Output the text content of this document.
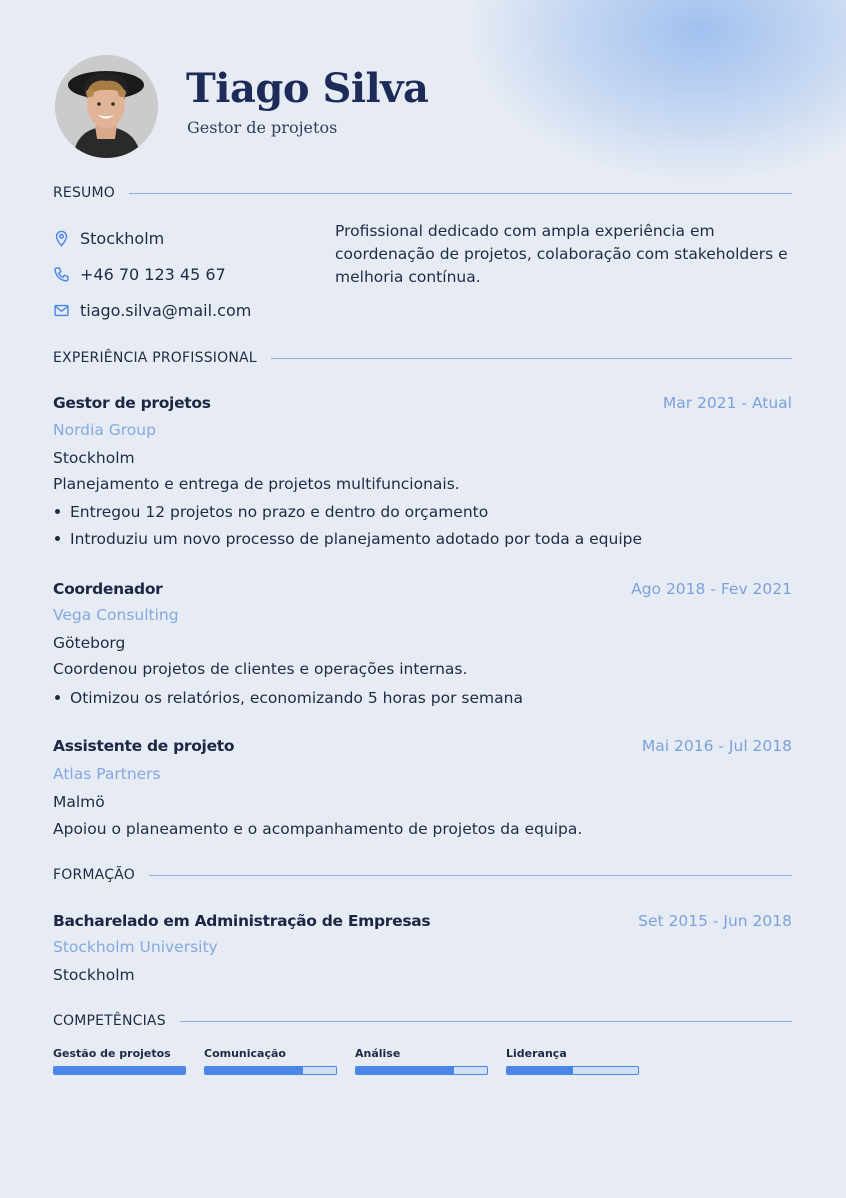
Tiago Silva
Gestor de projetos
RESUMO
Stockholm
+46 70 123 45 67
tiago.silva@mail.com
Profissional dedicado com ampla experiência em coordenação de projetos, colaboração com stakeholders e melhoria contínua.
EXPERIÊNCIA PROFISSIONAL
Gestor de projetos	Mar 2021 - Atual
Nordia Group
Stockholm
Planejamento e entrega de projetos multifuncionais.
Entregou 12 projetos no prazo e dentro do orçamento
Introduziu um novo processo de planejamento adotado por toda a equipe
Coordenador	Ago 2018 - Fev 2021
Vega Consulting
Göteborg
Coordenou projetos de clientes e operações internas.
Otimizou os relatórios, economizando 5 horas por semana
Assistente de projeto	Mai 2016 - Jul 2018
Atlas Partners
Malmö
Apoiou o planeamento e o acompanhamento de projetos da equipa.
FORMAÇÃO
Bacharelado em Administração de Empresas	Set 2015 - Jun 2018
Stockholm University
Stockholm
COMPETÊNCIAS
Gestão de projetos	Comunicação	Análise	Liderança
